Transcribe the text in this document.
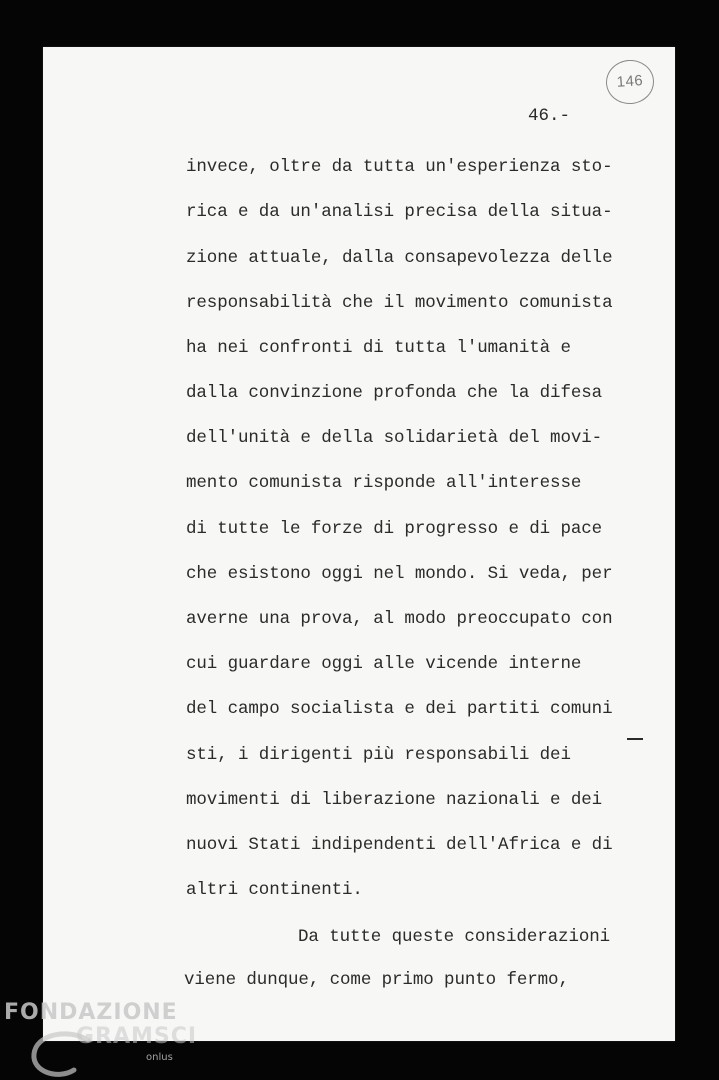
146
46.-
invece, oltre da tutta un'esperienza sto-
rica e da un'analisi precisa della situa-
zione attuale, dalla consapevolezza delle
responsabilità che il movimento comunista
ha nei confronti di tutta l'umanità e
dalla convinzione profonda che la difesa
dell'unità e della solidarietà del movi-
mento comunista risponde all'interesse
di tutte le forze di progresso e di pace
che esistono oggi nel mondo. Si veda, per
averne una prova, al modo preoccupato con
cui guardare oggi alle vicende interne
del campo socialista e dei partiti comuni
sti, i dirigenti più responsabili dei
movimenti di liberazione nazionali e dei
nuovi Stati indipendenti dell'Africa e di
altri continenti.
Da tutte queste considerazioni
viene dunque, come primo punto fermo,
FONDAZIONE
GRAMSCI
onlus
